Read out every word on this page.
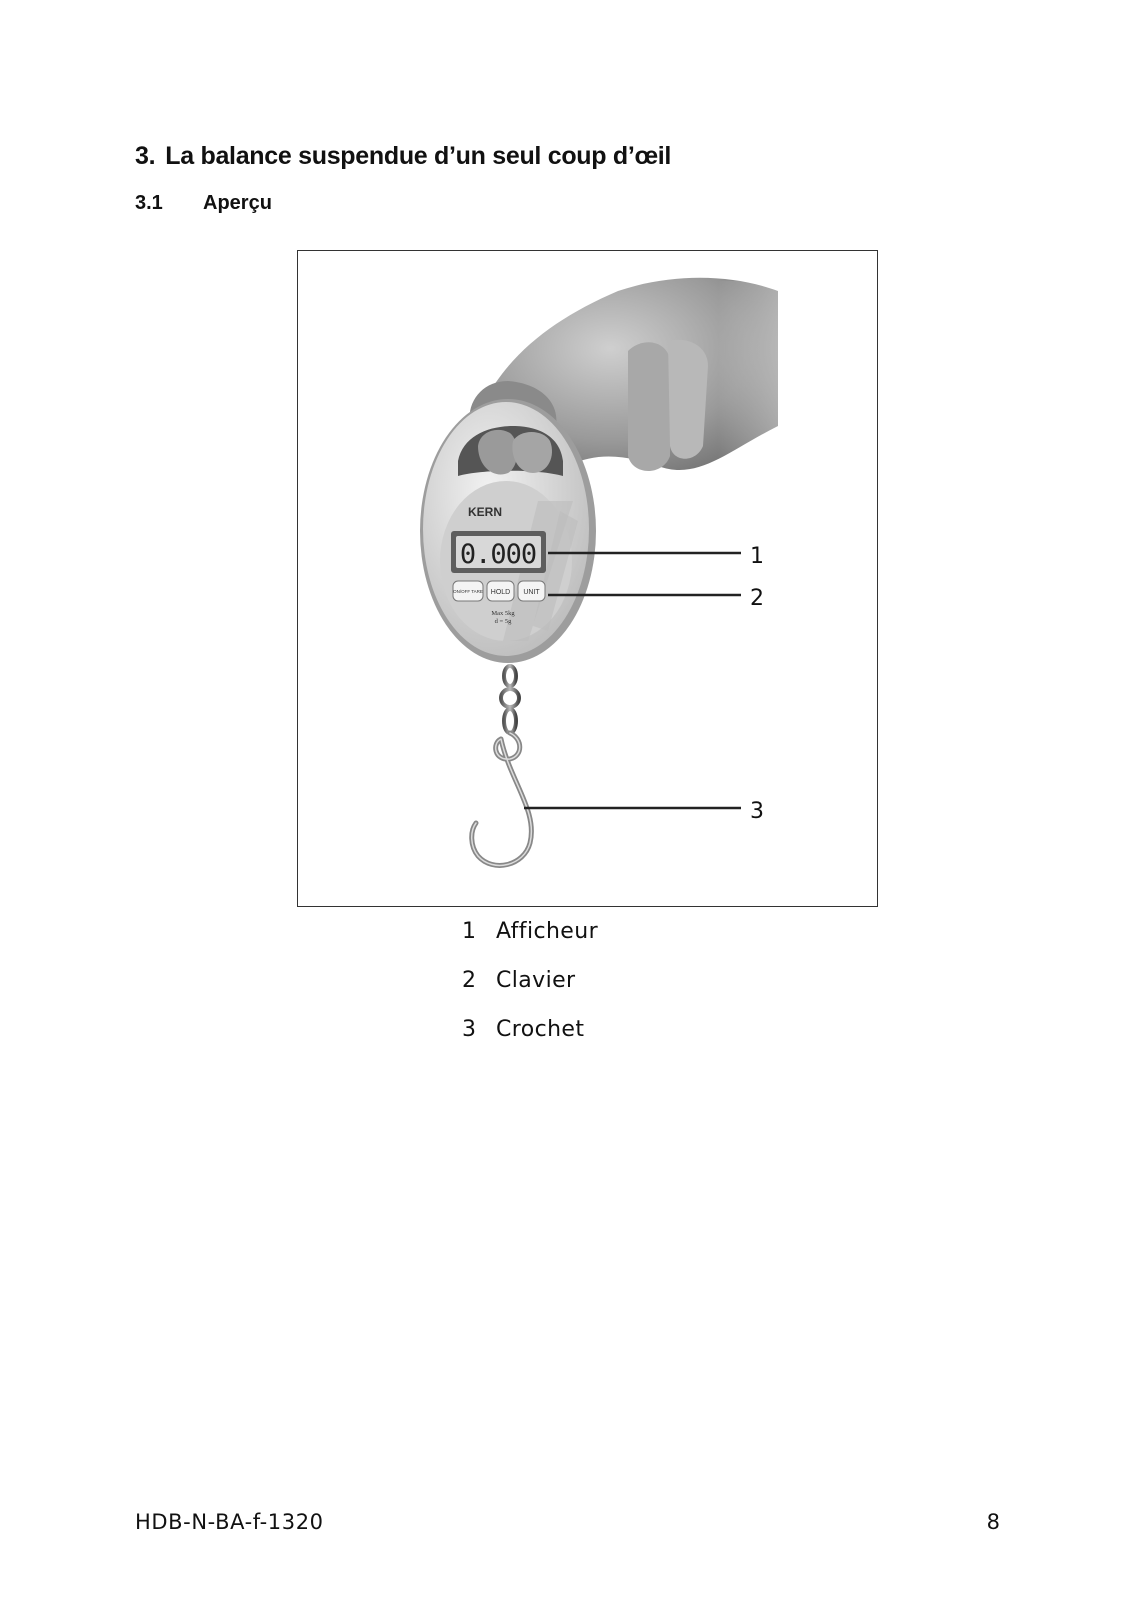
3. La balance suspendue d’un seul coup d’œil
3.1 Aperçu
KERN
0.000
ON/OFF TARE HOLD UNIT
Max 5kg
d = 5g
1
2
3
1 Afficheur
2 Clavier
3 Crochet
HDB-N-BA-f-1320	8
